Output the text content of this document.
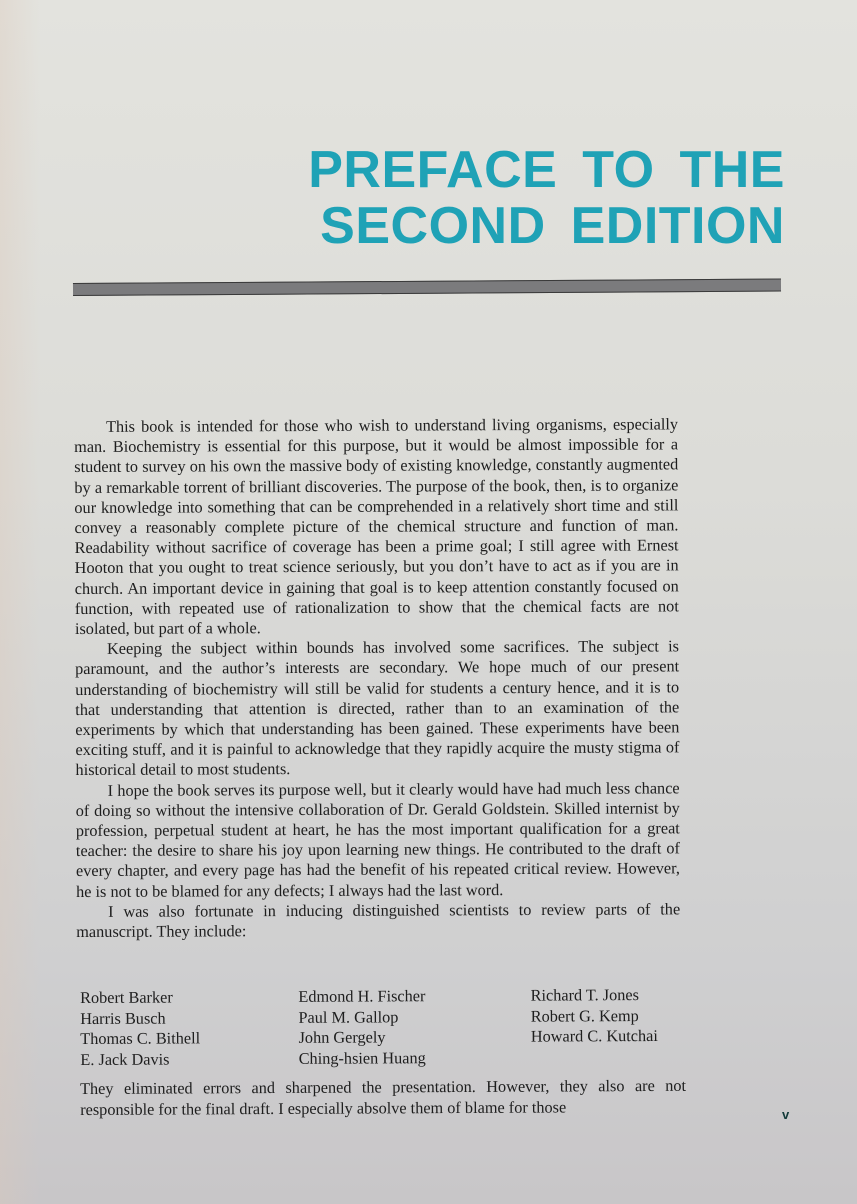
PREFACE TO THE
SECOND EDITION

This book is intended for those who wish to understand living organisms, especially man. Biochemistry is essential for this purpose, but it would be almost impossible for a student to survey on his own the massive body of existing knowledge, constantly augmented by a remarkable torrent of brilliant discoveries. The purpose of the book, then, is to organize our knowledge into something that can be comprehended in a relatively short time and still convey a reasonably complete picture of the chemical structure and function of man. Readability without sacrifice of coverage has been a prime goal; I still agree with Ernest Hooton that you ought to treat science seriously, but you don’t have to act as if you are in church. An important device in gaining that goal is to keep attention constantly focused on function, with repeated use of rationalization to show that the chemical facts are not isolated, but part of a whole.

Keeping the subject within bounds has involved some sacrifices. The subject is paramount, and the author’s interests are secondary. We hope much of our present understanding of biochemistry will still be valid for students a century hence, and it is to that understanding that attention is directed, rather than to an examination of the experiments by which that understanding has been gained. These experiments have been exciting stuff, and it is painful to acknowledge that they rapidly acquire the musty stigma of historical detail to most students.

I hope the book serves its purpose well, but it clearly would have had much less chance of doing so without the intensive collaboration of Dr. Gerald Goldstein. Skilled internist by profession, perpetual student at heart, he has the most important qualification for a great teacher: the desire to share his joy upon learning new things. He contributed to the draft of every chapter, and every page has had the benefit of his repeated critical review. However, he is not to be blamed for any defects; I always had the last word.

I was also fortunate in inducing distinguished scientists to review parts of the manuscript. They include:

Robert Barker
Harris Busch
Thomas C. Bithell
E. Jack Davis
Edmond H. Fischer
Paul M. Gallop
John Gergely
Ching-hsien Huang
Richard T. Jones
Robert G. Kemp
Howard C. Kutchai

They eliminated errors and sharpened the presentation. However, they also are not responsible for the final draft. I especially absolve them of blame for those	v
